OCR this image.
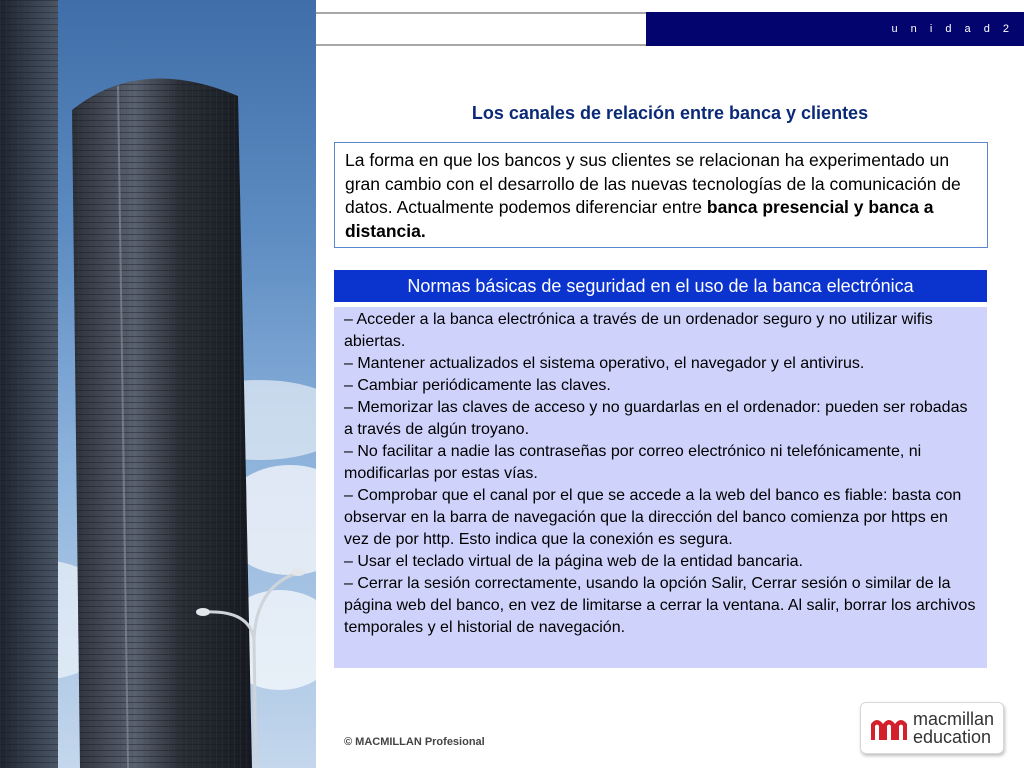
u n i d a d 2
Los canales de relación entre banca y clientes
La forma en que los bancos y sus clientes se relacionan ha experimentado un gran cambio con el desarrollo de las nuevas tecnologías de la comunicación de datos. Actualmente podemos diferenciar entre banca presencial y banca a distancia.
Normas básicas de seguridad en el uso de la banca electrónica

– Acceder a la banca electrónica a través de un ordenador seguro y no utilizar wifis abiertas.

– Mantener actualizados el sistema operativo, el navegador y el antivirus.

– Cambiar periódicamente las claves.

– Memorizar las claves de acceso y no guardarlas en el ordenador: pueden ser robadas a través de algún troyano.

– No facilitar a nadie las contraseñas por correo electrónico ni telefónicamente, ni modificarlas por estas vías.

– Comprobar que el canal por el que se accede a la web del banco es fiable: basta con observar en la barra de navegación que la dirección del banco comienza por https en vez de por http. Esto indica que la conexión es segura.

– Usar el teclado virtual de la página web de la entidad bancaria.

– Cerrar la sesión correctamente, usando la opción Salir, Cerrar sesión o similar de la página web del banco, en vez de limitarse a cerrar la ventana. Al salir, borrar los archivos temporales y el historial de navegación.

© MACMILLAN Profesional
macmillan
education
